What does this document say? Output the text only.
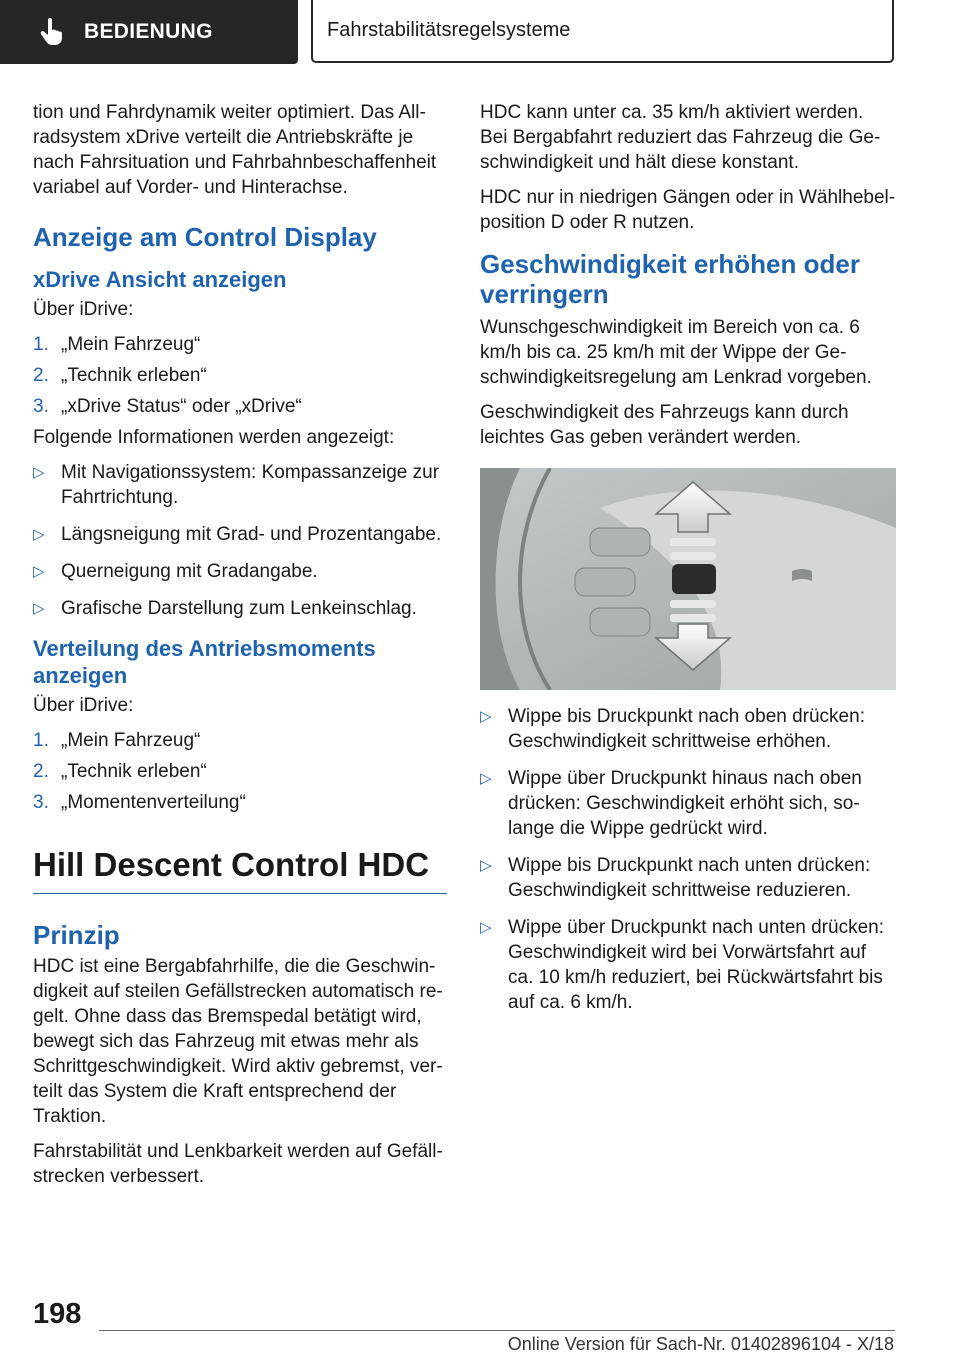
BEDIENUNG	Fahrstabilitätsregelsysteme

tion und Fahrdynamik weiter optimiert. Das All-radsystem xDrive verteilt die Antriebskräfte je nach Fahrsituation und Fahrbahnbeschaffenheit variabel auf Vorder- und Hinterachse.

Anzeige am Control Display
xDrive Ansicht anzeigen

Über iDrive:

1. „Mein Fahrzeug“
2. „Technik erleben“
3. „xDrive Status“ oder „xDrive“

Folgende Informationen werden angezeigt:

▷ Mit Navigationssystem: Kompassanzeige zur Fahrtrichtung.
▷ Längsneigung mit Grad- und Prozentangabe.
▷ Querneigung mit Gradangabe.
▷ Grafische Darstellung zum Lenkeinschlag.
Verteilung des Antriebsmoments anzeigen

Über iDrive:

1. „Mein Fahrzeug“
2. „Technik erleben“
3. „Momentenverteilung“
Hill Descent Control HDC
Prinzip

HDC ist eine Bergabfahrhilfe, die die Geschwin-digkeit auf steilen Gefällstrecken automatisch re-gelt. Ohne dass das Bremspedal betätigt wird, bewegt sich das Fahrzeug mit etwas mehr als Schrittgeschwindigkeit. Wird aktiv gebremst, ver-teilt das System die Kraft entsprechend der Traktion.

Fahrstabilität und Lenkbarkeit werden auf Gefäll-strecken verbessert.

HDC kann unter ca. 35 km/h aktiviert werden. Bei Bergabfahrt reduziert das Fahrzeug die Ge-schwindigkeit und hält diese konstant.

HDC nur in niedrigen Gängen oder in Wählhebel-position D oder R nutzen.

Geschwindigkeit erhöhen oder verringern

Wunschgeschwindigkeit im Bereich von ca. 6 km/h bis ca. 25 km/h mit der Wippe der Ge-schwindigkeitsregelung am Lenkrad vorgeben.

Geschwindigkeit des Fahrzeugs kann durch leichtes Gas geben verändert werden.

▷ Wippe bis Druckpunkt nach oben drücken: Geschwindigkeit schrittweise erhöhen.
▷ Wippe über Druckpunkt hinaus nach oben drücken: Geschwindigkeit erhöht sich, so-lange die Wippe gedrückt wird.
▷ Wippe bis Druckpunkt nach unten drücken: Geschwindigkeit schrittweise reduzieren.
▷ Wippe über Druckpunkt nach unten drücken: Geschwindigkeit wird bei Vorwärtsfahrt auf ca. 10 km/h reduziert, bei Rückwärtsfahrt bis auf ca. 6 km/h.
198
Online Version für Sach-Nr. 01402896104 - X/18
